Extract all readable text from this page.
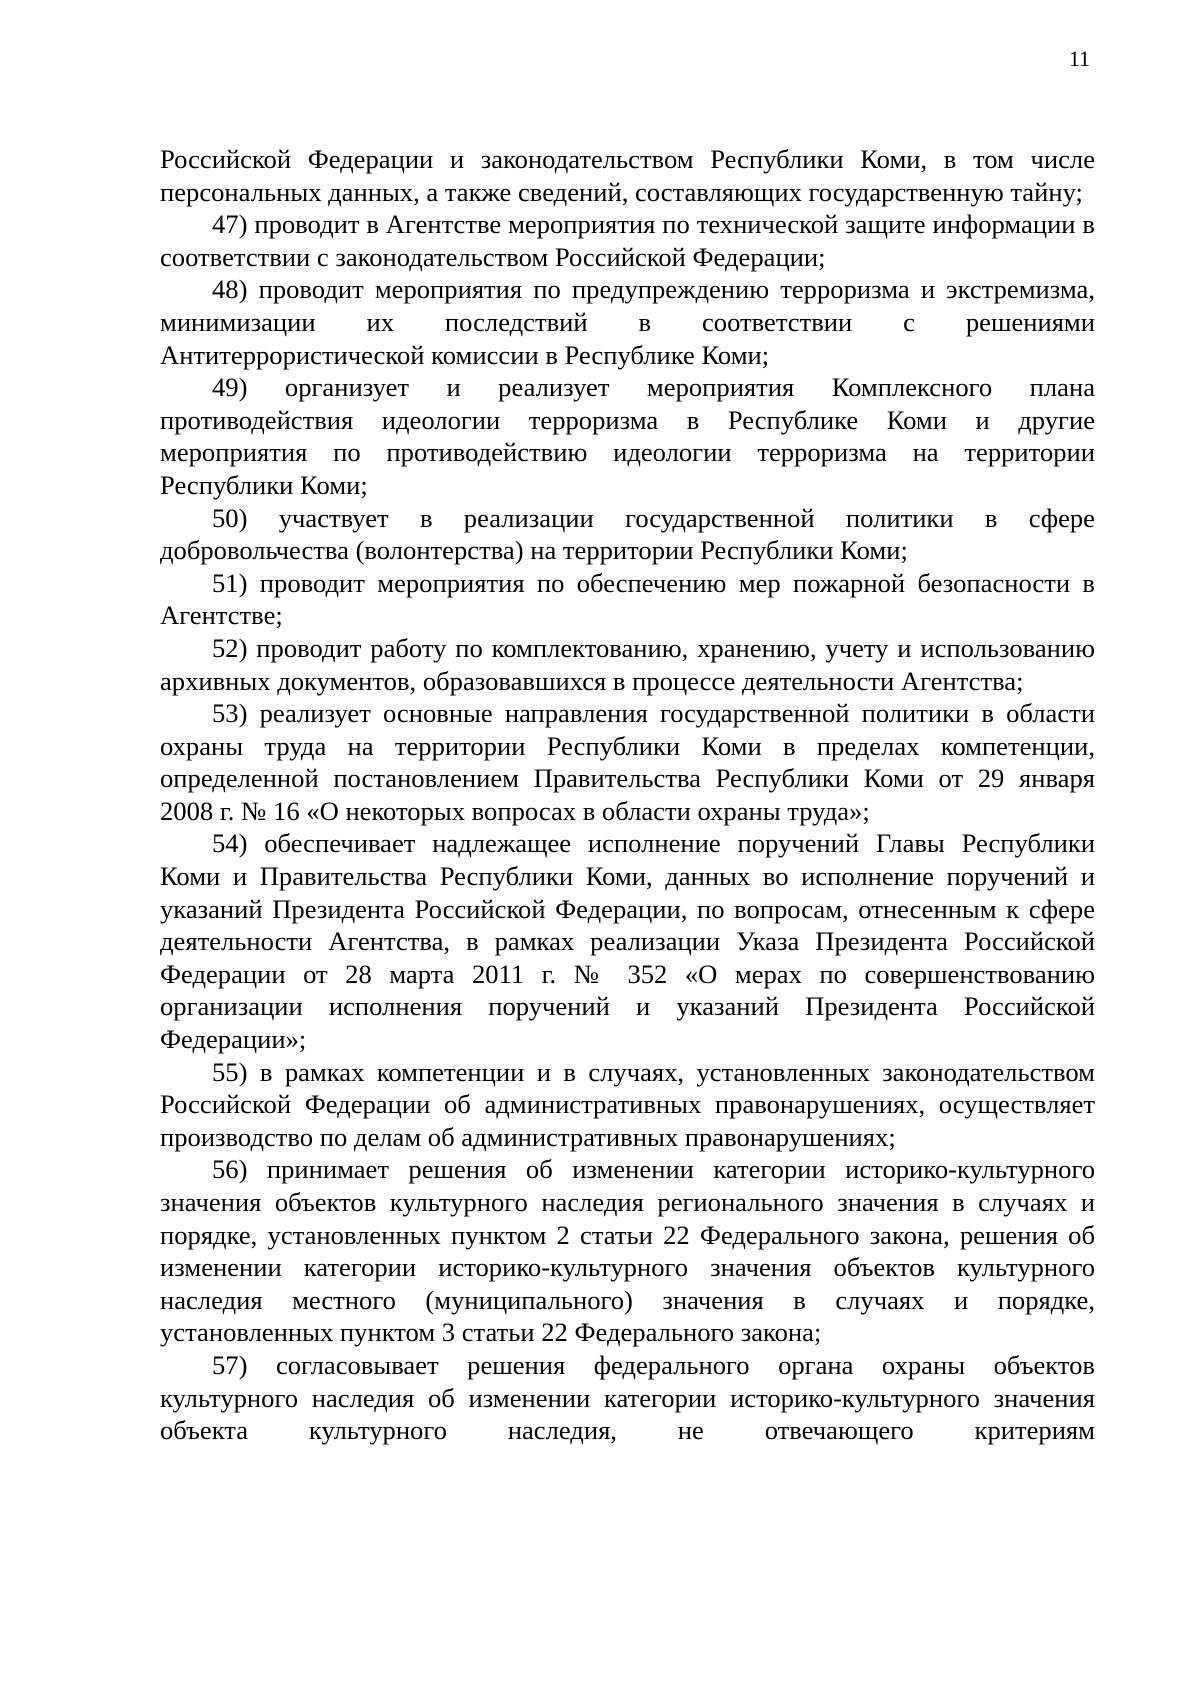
11

Российской Федерации и законодательством Республики Коми, в том числе персональных данных, а также сведений, составляющих государственную тайну;

47) проводит в Агентстве мероприятия по технической защите информации в соответствии с законодательством Российской Федерации;

48) проводит мероприятия по предупреждению терроризма и экстремизма, минимизации их последствий в соответствии с решениями Антитеррористической комиссии в Республике Коми;

49) организует и реализует мероприятия Комплексного плана противодействия идеологии терроризма в Республике Коми и другие мероприятия по противодействию идеологии терроризма на территории Республики Коми;

50) участвует в реализации государственной политики в сфере добровольчества (волонтерства) на территории Республики Коми;

51) проводит мероприятия по обеспечению мер пожарной безопасности в Агентстве;

52) проводит работу по комплектованию, хранению, учету и использованию архивных документов, образовавшихся в процессе деятельности Агентства;

53) реализует основные направления государственной политики в области охраны труда на территории Республики Коми в пределах компетенции, определенной постановлением Правительства Республики Коми от 29 января 2008 г. № 16 «О некоторых вопросах в области охраны труда»;

54) обеспечивает надлежащее исполнение поручений Главы Республики Коми и Правительства Республики Коми, данных во исполнение поручений и указаний Президента Российской Федерации, по вопросам, отнесенным к сфере деятельности Агентства, в рамках реализации Указа Президента Российской Федерации от 28 марта 2011 г. № 352 «О мерах по совершенствованию организации исполнения поручений и указаний Президента Российской Федерации»;

55) в рамках компетенции и в случаях, установленных законодательством Российской Федерации об административных правонарушениях, осуществляет производство по делам об административных правонарушениях;

56) принимает решения об изменении категории историко-культурного значения объектов культурного наследия регионального значения в случаях и порядке, установленных пунктом 2 статьи 22 Федерального закона, решения об изменении категории историко-культурного значения объектов культурного наследия местного (муниципального) значения в случаях и порядке, установленных пунктом 3 статьи 22 Федерального закона;

57) согласовывает решения федерального органа охраны объектов культурного наследия об изменении категории историко-культурного значения объекта культурного наследия, не отвечающего критериям
